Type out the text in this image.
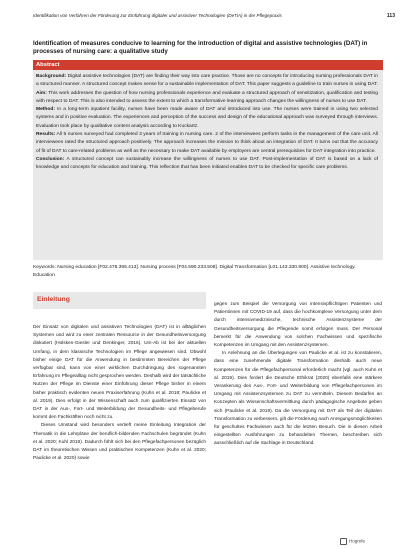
Identifikation von Verfahren der Förderung zur Einführung digitaler und assistiver Technologien (DeTiA) in der Pflegepraxis	113
Identification of measures conducive to learning for the introduction of digital and assistive technologies (DAT) in processes of nursing care: a qualitative study
Abstract

Background: Digital assistive technologies (DAT) are finding their way into care practice. Those are no concepts for introducing nursing professionals DAT in a structured manner. A structured concept makes sense for a sustainable implementation of DAT. This paper suggests a guideline to train nurses in using DAT.

Aim: This work addresses the question of how nursing professionals experience and evaluate a structured approach of sensitization, qualification and testing with respect to DAT. This is also intended to assess the extent to which a transformative learning approach changes the willingness of nurses to use DAT.

Method: In a long-term inpatient facility, nurses have been made aware of DAT and introduced into use. The nurses were trained in using two selected systems and in positive evaluation. The experiences and perception of the success and design of the educational approach was surveyed through interviews. Evaluation took place by qualitative content analysis according to Kuckartz.

Results: All 5 nurses surveyed had completed 3 years of training in nursing care. 2 of the interviewees perform tasks in the management of the care unit. All interviewees rated the structured approach positively. The approach increases the mission to think about an integration of DAT. It turns out that the accuracy of fit of DAT to care-related problems as well as the necessary to make DAT available by employers are central prerequisites for DAT integration into practice.

Conclusion: A structured concept can sustainably increase the willingness of nurses to use DAT. Post-implementation of DAT is based on a lack of knowledge and concepts for education and training. This reflection that has been initiated enables DAT to be checked for specific care problems.

Keywords: Nursing education [F02.478.395.413]. Nursing process [F04.590.233.508]. Digital Transformation [L01.143.330.800]. Assistive technology. Education
Einleitung

Der Einsatz von digitalen und assistiven Technologien (DAT) ist in alltäglichen Systemen und wird zu einer zentralen Ressource in der Gesundheitsversorgung diskutiert (Hülsken-Giesler und Denkinger, 2016). Um-Ab ist bei der aktuellen Umfang, in dem klassische Technologien im Pflege angewiesen sind. Obwohl bisher einige DAT für die Anwendung in bestimmten Bereichen der Pflege verfügbar sind, kann von einer wirklichen Durchdringung des sogenannten Erfahrung im Pflegealltag nicht gesprochen werden. Deshalb wird der tatsächliche Nutzen der Pflege im Dienste einer Einführung dieser Pflege bisher in einem bisher praktisch evidenten neuen Praxiserfahrung (Kuhn et al. 2018; Paulicke et al. 2019). Dies erfolgt in der Wissenschaft auch zum qualifizierten Einsatz von DAT in der Aus-, Fort- und Weiterbildung der Gesundheits- und Pflegeberufe kommt den Fachkräften noch nicht zu.

Dieses Umstand wird besonders vertieft meine Einleitung Integration der Thematik in die Lehrpläne der beruflich-bildenden Fachschulen begründet (Kuhn et al. 2020; Kuhl 2018). Dadurch fühlt sich bei den Pflegefachpersonen bezüglich DAT im theoretischen Wissen und praktischen Kompetenzen (Kuhn et al. 2020; Paulicke et al. 2020) sowie

gegen zum Beispiel die Versorgung von intensivpflichtigen Patienten und Patientinnen mit COVID-19 auf, dass die hochkomplexe Versorgung unter dem durch intensivmedizinische, technische Assistenzsysteme der Gesundheitsversorgung die Pflegende somit erfolgen muss. Der Personal bemerkt für die Anwendung von solchen Fachwissen und spezifische Kompetenzen im Umgang mit den Assistenzsystemen.

In Anlehnung an die Überlegungen von Paulicke et al. ist zu konstatieren, dass eine zunehmende digitale Transformation deshalb auch neue Kompetenzen für die Pflegefachpersonal erforderlich macht (vgl. auch Kuhn et al. 2019). Dies fordert die Deutsche Ethikrat (2020) ebenfalls eine stärkere Verankerung des Aus-, Fort- und Weiterbildung von Pflegefachpersonen im Umgang mit Assistenzsystemen zu DAT zu vermitteln. Diesem Bedarfen an Konzepten als Wissenschaftsvermittlung durch pädagogische Angebote geben sich (Paulicke et al. 2019). Da die Versorgung mit DAT als Teil der digitalen Transformation zu verbessern, gilt die Förderung nach Anregungsmöglichkeiten für geschultes Fachwissen auch für die letzten Besuch. Die in diesen Arbeit eingestellten Ausführungen zu behandelten Themen, beschreiben sich ausschließlich auf die Sachlage in Deutschland.

Hogrefe
